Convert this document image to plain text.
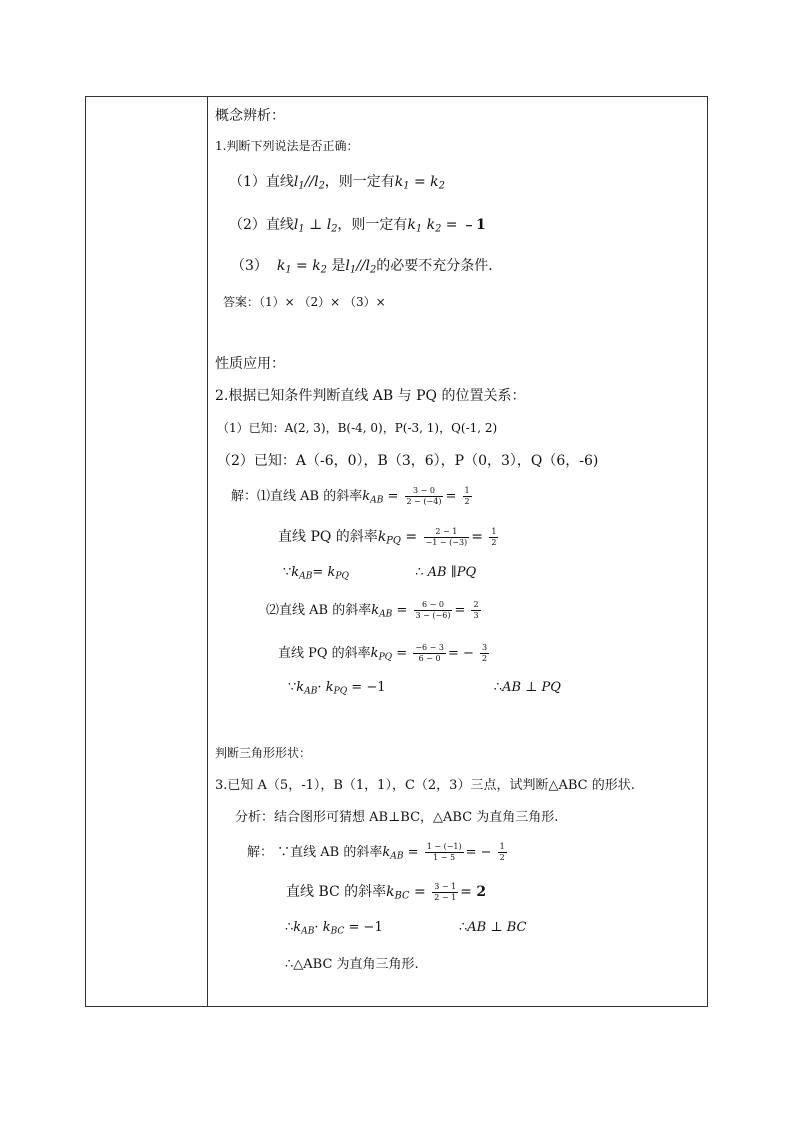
概念辨析：
1.判断下列说法是否正确：
（1）直线$l_1//l_2$，则一定有$k_1 = k_2$
（2）直线$l_1$ ⊥ $l_2$，则一定有$k_1$ $k_2$ = ﹣1
（3） $k_1 = k_2$ 是$l_1//l_2$的必要不充分条件.
答案：（1）× （2）× （3）×
性质应用：
2.根据已知条件判断直线 AB 与 PQ 的位置关系：
（1）已知：A(2, 3)，B(-4, 0)，P(-3, 1)，Q(-1, 2)
（2）已知：A（-6，0），B（3，6），P（0，3），Q（6，-6)
解：⑴直线 AB 的斜率$k_{AB} = \frac{3 - 0}{2 - (-4)} = \frac{1}{2}$
直线 PQ 的斜率$k_{PQ} = \frac{2 - 1}{-1 - (-3)} = \frac{1}{2}$
$\because k_{AB}= k_{PQ}$	∴ AB ∥PQ
⑵直线 AB 的斜率$k_{AB} = \frac{6 - 0}{3 - (-6)} = \frac{2}{3}$
直线 PQ 的斜率$k_{PQ} = \frac{-6 - 3}{6 - 0}$ = − $\frac{3}{2}$
$\because k_{AB}\cdot k_{PQ} = -1$	∴AB ⊥ PQ
判断三角形形状：
3.已知 A（5，-1），B（1，1），C（2，3）三点，试判断△ABC 的形状.
分析：结合图形可猜想 AB⊥BC，△ABC 为直角三角形.
解： ∵直线 AB 的斜率$k_{AB} = \frac{1 - (-1)}{1 - 5}$ = − $\frac{1}{2}$
直线 BC 的斜率$k_{BC} = \frac{3 - 1}{2 - 1} = 2$
$\therefore k_{AB}\cdot k_{BC} = -1$	∴AB ⊥ BC
∴△ABC 为直角三角形.
